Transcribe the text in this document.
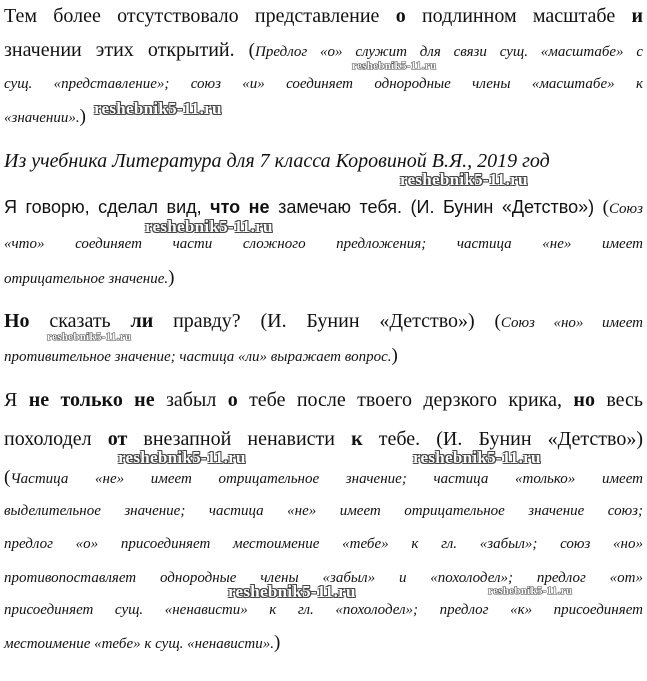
Тем более отсутствовало представление о подлинном масштабе и
значении этих открытий. (Предлог «о» служит для связи сущ. «масштабе» с
сущ. «представление»; союз «и» соединяет однородные члены «масштабе» к
«значении».)
Из учебника Литература для 7 класса Коровиной В.Я., 2019 год
Я говорю, сделал вид, что не замечаю тебя. (И. Бунин «Детство») (Союз
«что» соединяет части сложного предложения; частица «не» имеет
отрицательное значение.)
Но сказать ли правду? (И. Бунин «Детство») (Союз «но» имеет
противительное значение; частица «ли» выражает вопрос.)
Я не только не забыл о тебе после твоего дерзкого крика, но весь
похолодел от внезапной ненависти к тебе. (И. Бунин «Детство»)
(Частица «не» имеет отрицательное значение; частица «только» имеет
выделительное значение; частица «не» имеет отрицательное значение союз;
предлог «о» присоединяет местоимение «тебе» к гл. «забыл»; союз «но»
противопоставляет однородные члены «забыл» и «похолодел»; предлог «от»
присоединяет сущ. «ненависти» к гл. «похолодел»; предлог «к» присоединяет
местоимение «тебе» к сущ. «ненависти».)
reshebnik5-11.ru
reshebnik5-11.ru
reshebnik5-11.ru
reshebnik5-11.ru
reshebnik5-11.ru
reshebnik5-11.ru	reshebnik5-11.ru
reshebnik5-11.ru	reshebnik5-11.ru
